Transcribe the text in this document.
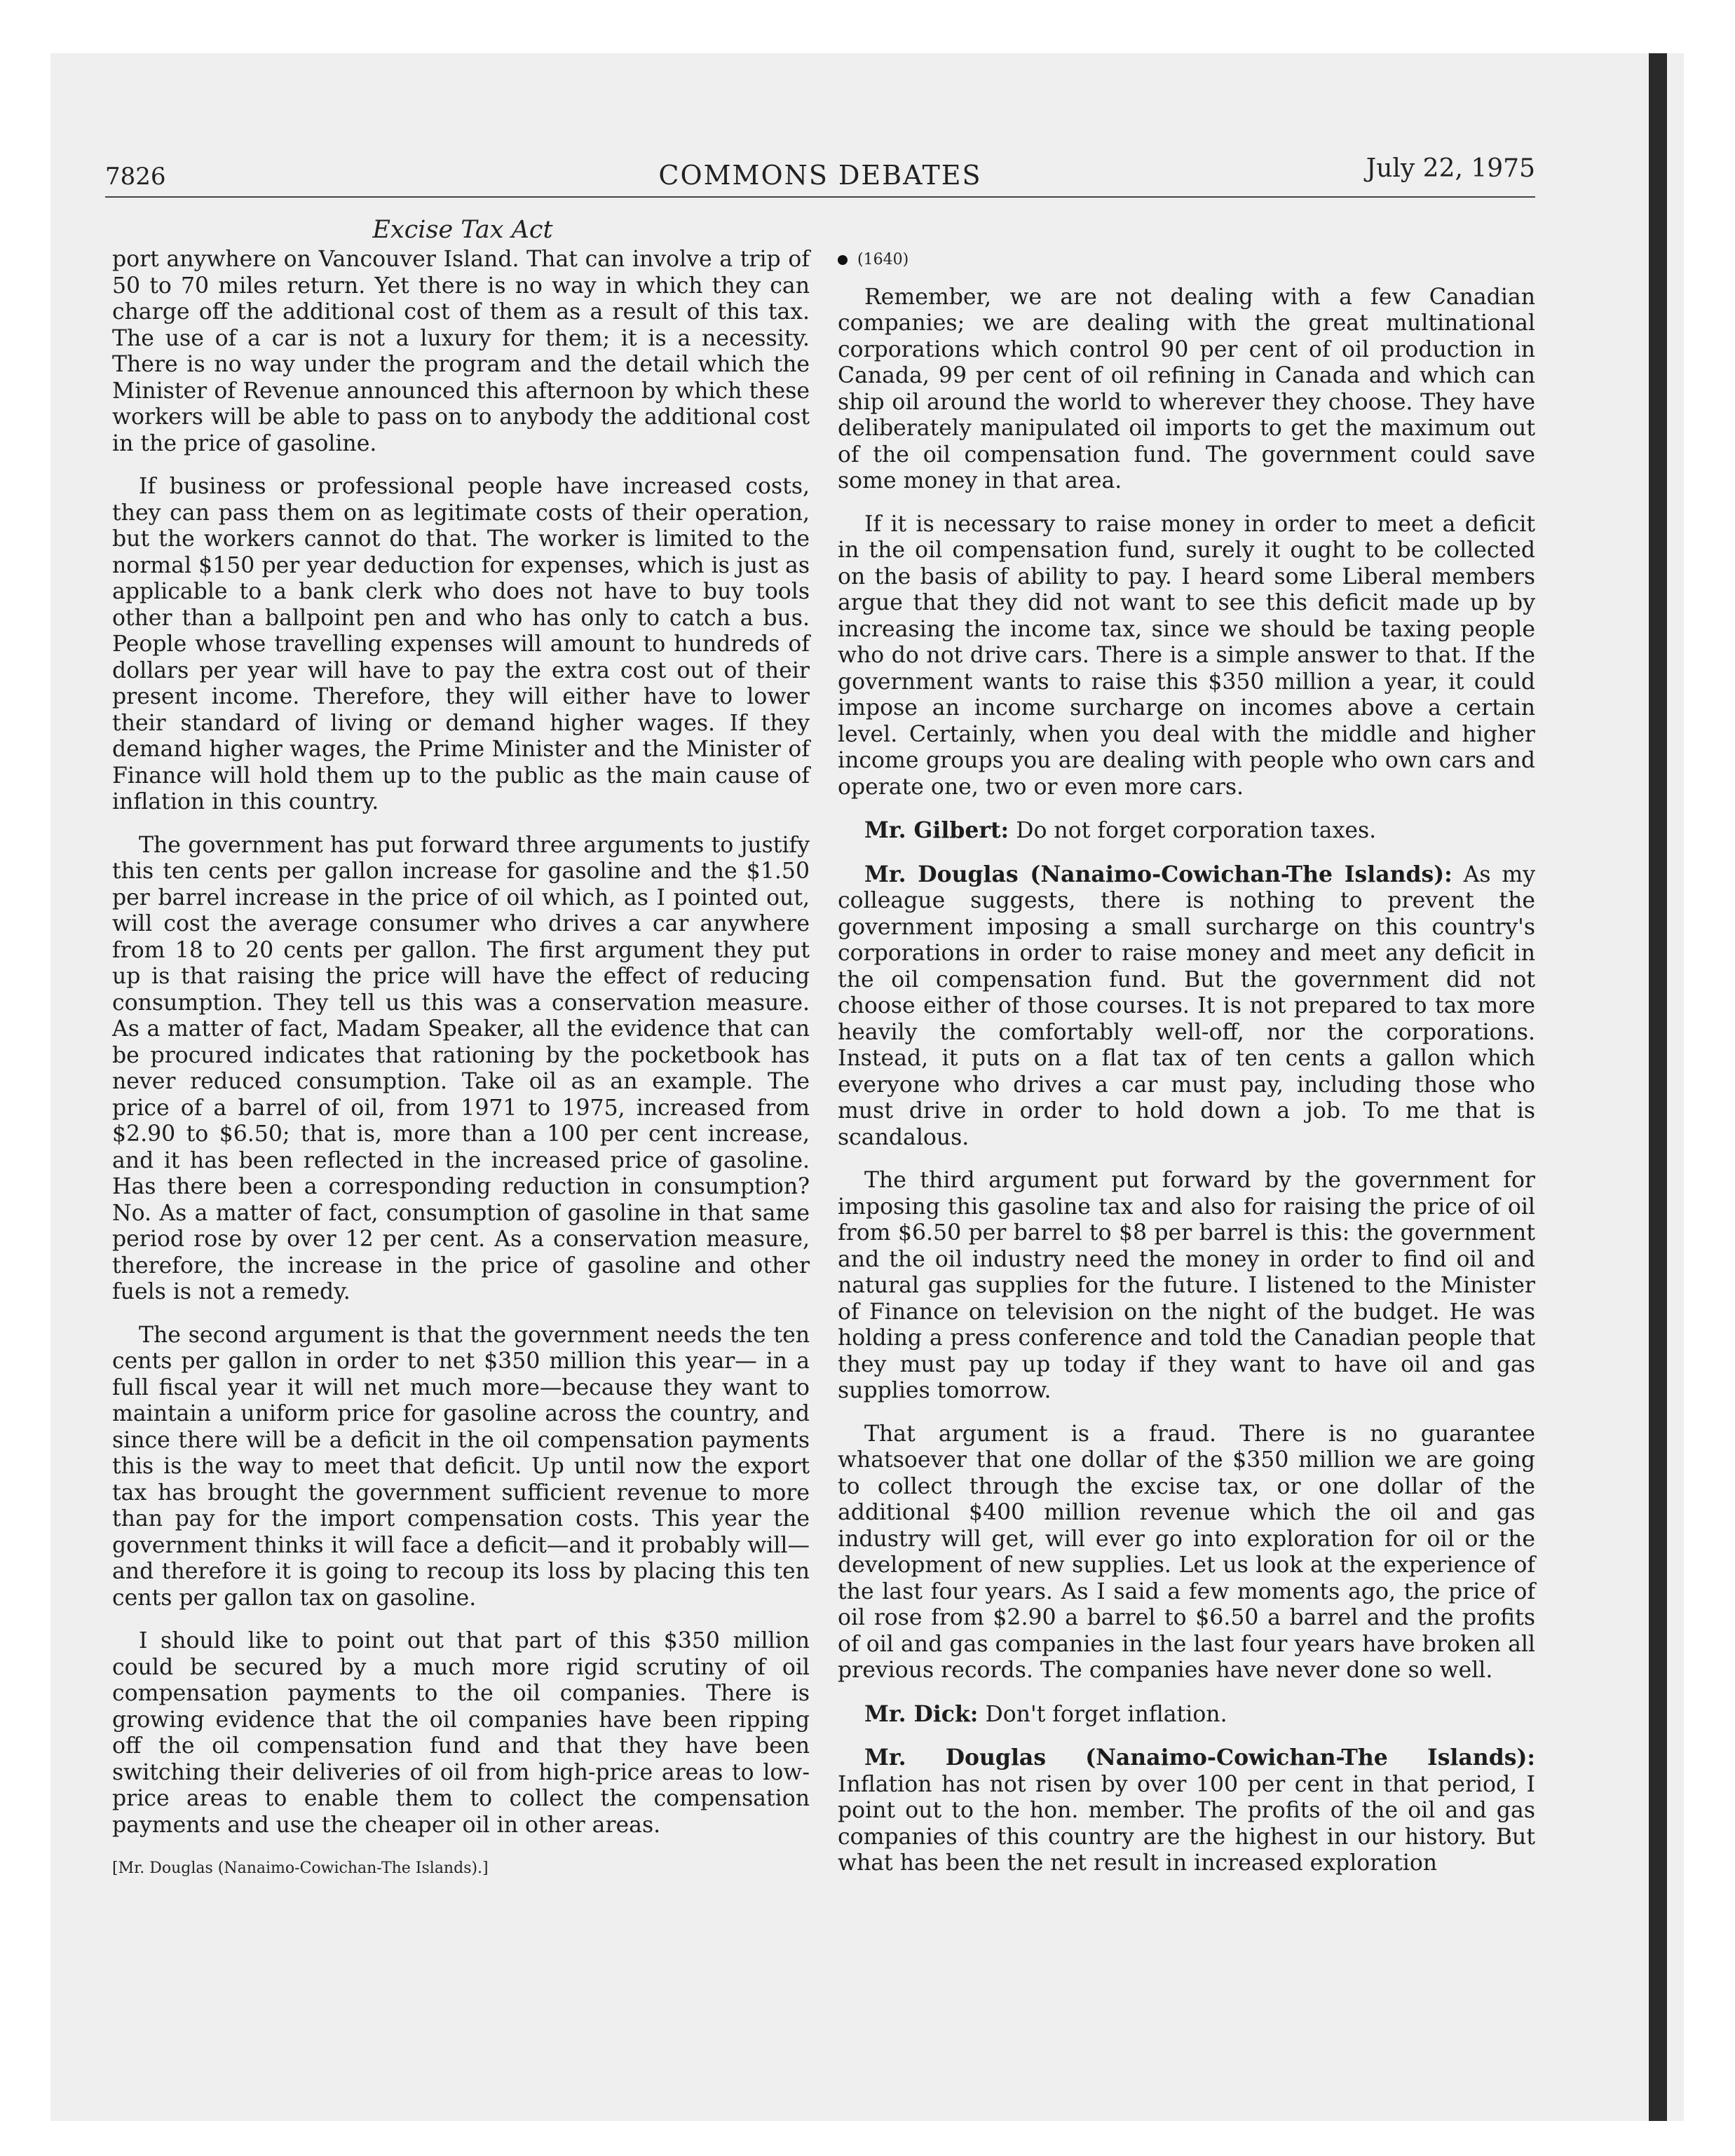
7826	COMMONS DEBATES	July 22, 1975
Excise Tax Act

port anywhere on Vancouver Island. That can involve a trip of 50 to 70 miles return. Yet there is no way in which they can charge off the additional cost of them as a result of this tax. The use of a car is not a luxury for them; it is a necessity. There is no way under the program and the detail which the Minister of Revenue announced this afternoon by which these workers will be able to pass on to anybody the additional cost in the price of gasoline.

If business or professional people have increased costs, they can pass them on as legitimate costs of their operation, but the workers cannot do that. The worker is limited to the normal $150 per year deduction for expenses, which is just as applicable to a bank clerk who does not have to buy tools other than a ballpoint pen and who has only to catch a bus. People whose travelling expenses will amount to hundreds of dollars per year will have to pay the extra cost out of their present income. Therefore, they will either have to lower their standard of living or demand higher wages. If they demand higher wages, the Prime Minister and the Minister of Finance will hold them up to the public as the main cause of inflation in this country.

The government has put forward three arguments to justify this ten cents per gallon increase for gasoline and the $1.50 per barrel increase in the price of oil which, as I pointed out, will cost the average consumer who drives a car anywhere from 18 to 20 cents per gallon. The first argument they put up is that raising the price will have the effect of reducing consumption. They tell us this was a conservation measure. As a matter of fact, Madam Speaker, all the evidence that can be procured indicates that rationing by the pocketbook has never reduced consumption. Take oil as an example. The price of a barrel of oil, from 1971 to 1975, increased from $2.90 to $6.50; that is, more than a 100 per cent increase, and it has been reflected in the increased price of gasoline. Has there been a corresponding reduction in consumption? No. As a matter of fact, consumption of gasoline in that same period rose by over 12 per cent. As a conservation measure, therefore, the increase in the price of gasoline and other fuels is not a remedy.

The second argument is that the government needs the ten cents per gallon in order to net $350 million this year— in a full fiscal year it will net much more—because they want to maintain a uniform price for gasoline across the country, and since there will be a deficit in the oil compensation payments this is the way to meet that deficit. Up until now the export tax has brought the government sufficient revenue to more than pay for the import compensation costs. This year the government thinks it will face a deficit—and it probably will—and therefore it is going to recoup its loss by placing this ten cents per gallon tax on gasoline.

I should like to point out that part of this $350 million could be secured by a much more rigid scrutiny of oil compensation payments to the oil companies. There is growing evidence that the oil companies have been ripping off the oil compensation fund and that they have been switching their deliveries of oil from high-price areas to low-price areas to enable them to collect the compensation payments and use the cheaper oil in other areas.

[Mr. Douglas (Nanaimo-Cowichan-The Islands).]
(1640)

Remember, we are not dealing with a few Canadian companies; we are dealing with the great multinational corporations which control 90 per cent of oil production in Canada, 99 per cent of oil refining in Canada and which can ship oil around the world to wherever they choose. They have deliberately manipulated oil imports to get the maximum out of the oil compensation fund. The government could save some money in that area.

If it is necessary to raise money in order to meet a deficit in the oil compensation fund, surely it ought to be collected on the basis of ability to pay. I heard some Liberal members argue that they did not want to see this deficit made up by increasing the income tax, since we should be taxing people who do not drive cars. There is a simple answer to that. If the government wants to raise this $350 million a year, it could impose an income surcharge on incomes above a certain level. Certainly, when you deal with the middle and higher income groups you are dealing with people who own cars and operate one, two or even more cars.

Mr. Gilbert: Do not forget corporation taxes.

Mr. Douglas (Nanaimo-Cowichan-The Islands): As my colleague suggests, there is nothing to prevent the government imposing a small surcharge on this country's corporations in order to raise money and meet any deficit in the oil compensation fund. But the government did not choose either of those courses. It is not prepared to tax more heavily the comfortably well-off, nor the corporations. Instead, it puts on a flat tax of ten cents a gallon which everyone who drives a car must pay, including those who must drive in order to hold down a job. To me that is scandalous.

The third argument put forward by the government for imposing this gasoline tax and also for raising the price of oil from $6.50 per barrel to $8 per barrel is this: the government and the oil industry need the money in order to find oil and natural gas supplies for the future. I listened to the Minister of Finance on television on the night of the budget. He was holding a press conference and told the Canadian people that they must pay up today if they want to have oil and gas supplies tomorrow.

That argument is a fraud. There is no guarantee whatsoever that one dollar of the $350 million we are going to collect through the excise tax, or one dollar of the additional $400 million revenue which the oil and gas industry will get, will ever go into exploration for oil or the development of new supplies. Let us look at the experience of the last four years. As I said a few moments ago, the price of oil rose from $2.90 a barrel to $6.50 a barrel and the profits of oil and gas companies in the last four years have broken all previous records. The companies have never done so well.

Mr. Dick: Don't forget inflation.

Mr. Douglas (Nanaimo-Cowichan-The Islands): Inflation has not risen by over 100 per cent in that period, I point out to the hon. member. The profits of the oil and gas companies of this country are the highest in our history. But what has been the net result in increased exploration
